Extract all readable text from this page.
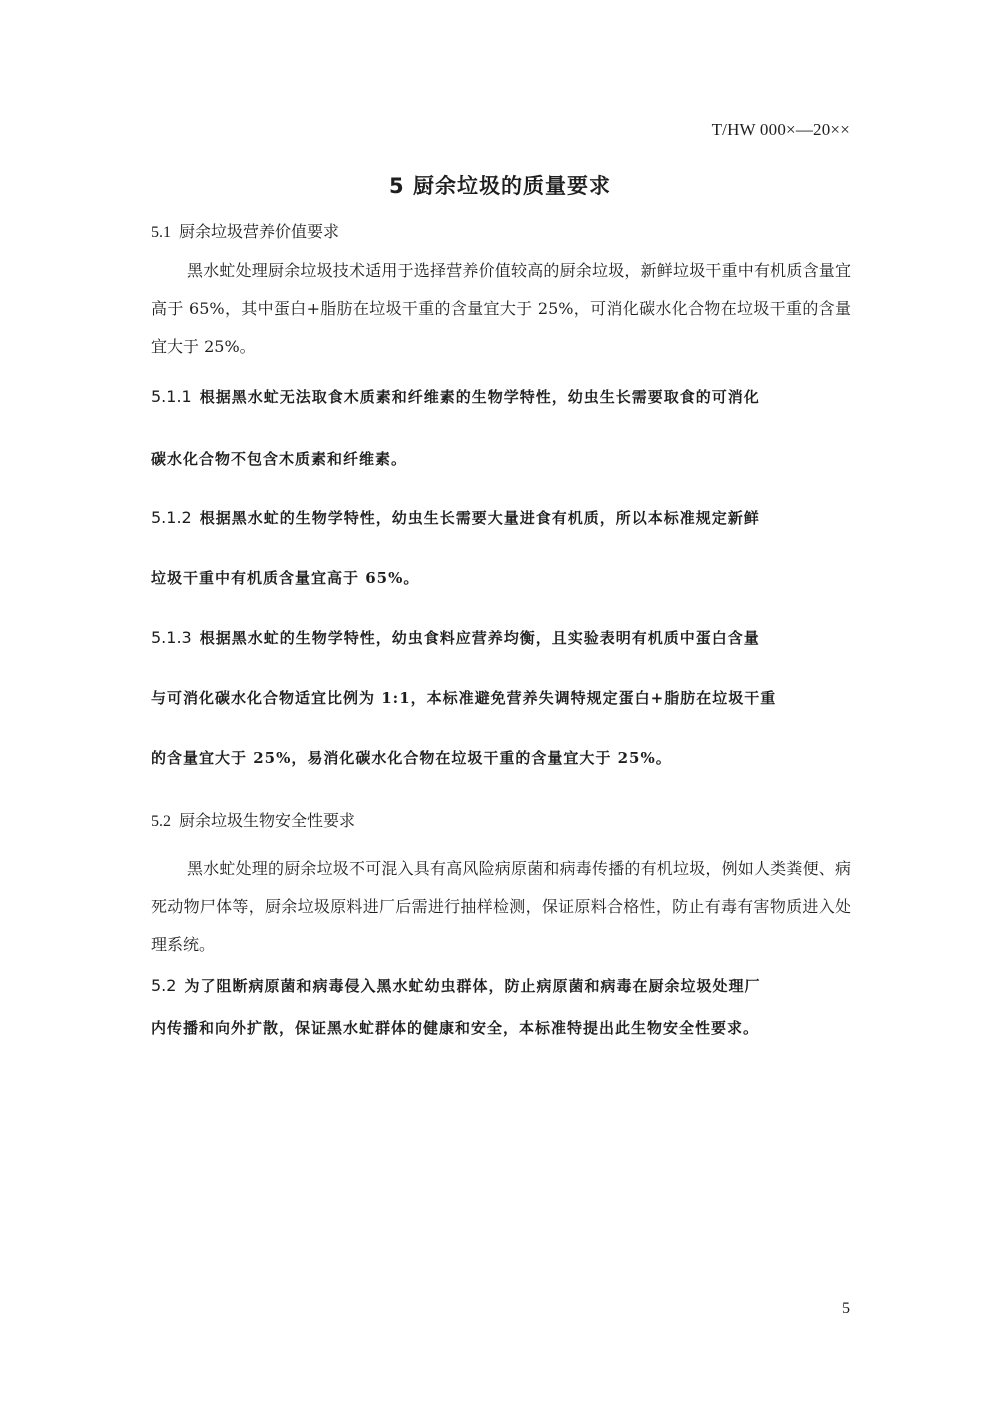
T/HW 000×—20××
5 厨余垃圾的质量要求
5.1 厨余垃圾营养价值要求
黑水虻处理厨余垃圾技术适用于选择营养价值较高的厨余垃圾，新鲜垃圾干重中有机质含量宜高于 65%，其中蛋白+脂肪在垃圾干重的含量宜大于 25%，可消化碳水化合物在垃圾干重的含量宜大于 25%。
5.1.1 根据黑水虻无法取食木质素和纤维素的生物学特性，幼虫生长需要取食的可消化
碳水化合物不包含木质素和纤维素。
5.1.2 根据黑水虻的生物学特性，幼虫生长需要大量进食有机质，所以本标准规定新鲜
垃圾干重中有机质含量宜高于 65%。
5.1.3 根据黑水虻的生物学特性，幼虫食料应营养均衡，且实验表明有机质中蛋白含量
与可消化碳水化合物适宜比例为 1:1，本标准避免营养失调特规定蛋白+脂肪在垃圾干重
的含量宜大于 25%，易消化碳水化合物在垃圾干重的含量宜大于 25%。
5.2 厨余垃圾生物安全性要求
黑水虻处理的厨余垃圾不可混入具有高风险病原菌和病毒传播的有机垃圾，例如人类粪便、病死动物尸体等，厨余垃圾原料进厂后需进行抽样检测，保证原料合格性，防止有毒有害物质进入处理系统。
5.2 为了阻断病原菌和病毒侵入黑水虻幼虫群体，防止病原菌和病毒在厨余垃圾处理厂
内传播和向外扩散，保证黑水虻群体的健康和安全，本标准特提出此生物安全性要求。
5
